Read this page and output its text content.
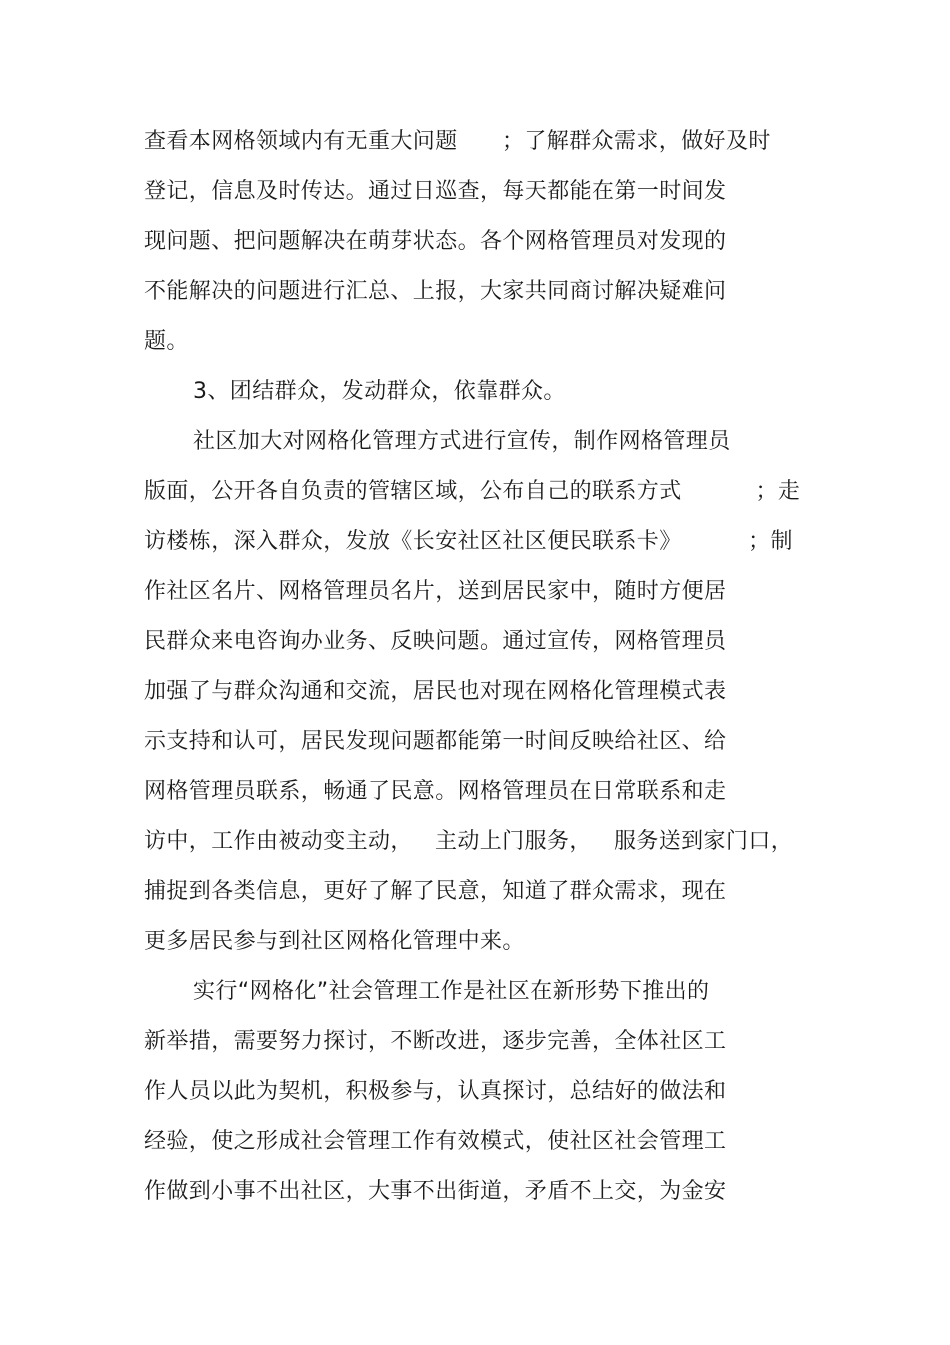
查看本网格领域内有无重大问题      ；了解群众需求，做好及时

登记，信息及时传达。通过日巡查，每天都能在第一时间发

现问题、把问题解决在萌芽状态。各个网格管理员对发现的

不能解决的问题进行汇总、上报，大家共同商讨解决疑难问

题。

3、团结群众，发动群众，依靠群众。

社区加大对网格化管理方式进行宣传，制作网格管理员

版面，公开各自负责的管辖区域，公布自己的联系方式          ；走

访楼栋，深入群众，发放《长安社区社区便民联系卡》         ；制

作社区名片、网格管理员名片，送到居民家中，随时方便居

民群众来电咨询办业务、反映问题。通过宣传，网格管理员

加强了与群众沟通和交流，居民也对现在网格化管理模式表

示支持和认可，居民发现问题都能第一时间反映给社区、给

网格管理员联系，畅通了民意。网格管理员在日常联系和走

访中，工作由被动变主动，   主动上门服务，   服务送到家门口，

捕捉到各类信息，更好了解了民意，知道了群众需求，现在

更多居民参与到社区网格化管理中来。

实行“网格化”社会管理工作是社区在新形势下推出的

新举措，需要努力探讨，不断改进，逐步完善，全体社区工

作人员以此为契机，积极参与，认真探讨，总结好的做法和

经验，使之形成社会管理工作有效模式，使社区社会管理工

作做到小事不出社区，大事不出街道，矛盾不上交，为金安
